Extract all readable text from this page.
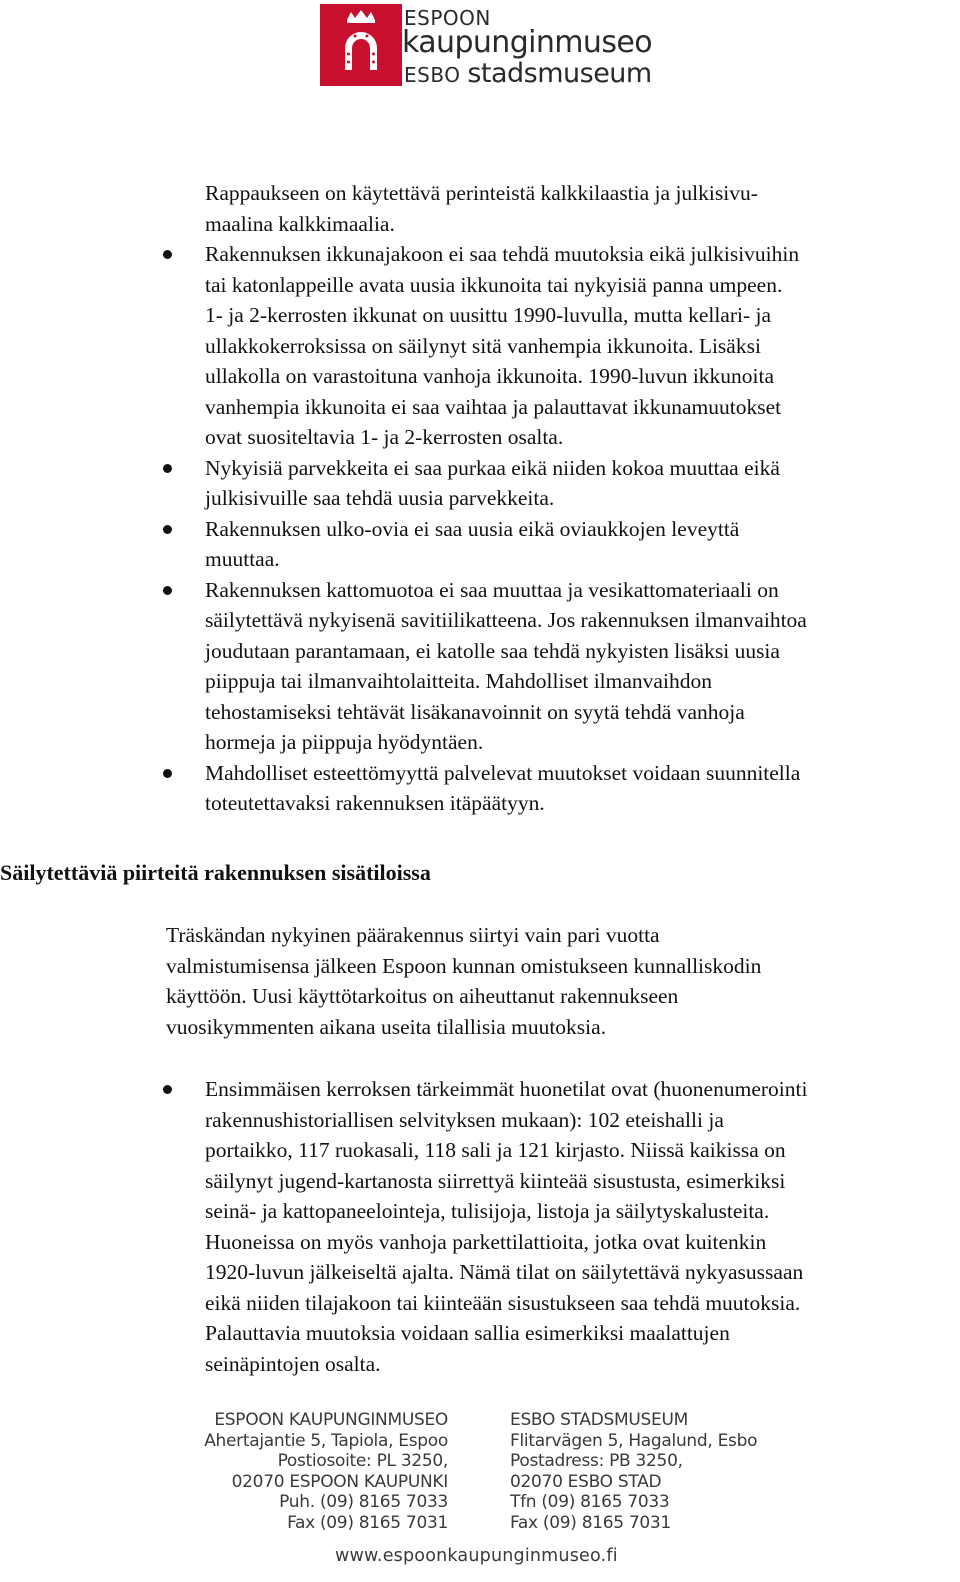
ESPOON
kaupunginmuseo
ESBO stadsmuseum
Rappaukseen on käytettävä perinteistä kalkkilaastia ja julkisivu-
maalina kalkkimaalia.
Rakennuksen ikkunajakoon ei saa tehdä muutoksia eikä julkisivuihin
tai katonlappeille avata uusia ikkunoita tai nykyisiä panna umpeen.
1- ja 2-kerrosten ikkunat on uusittu 1990-luvulla, mutta kellari- ja
ullakkokerroksissa on säilynyt sitä vanhempia ikkunoita. Lisäksi
ullakolla on varastoituna vanhoja ikkunoita. 1990-luvun ikkunoita
vanhempia ikkunoita ei saa vaihtaa ja palauttavat ikkunamuutokset
ovat suositeltavia 1- ja 2-kerrosten osalta.
Nykyisiä parvekkeita ei saa purkaa eikä niiden kokoa muuttaa eikä
julkisivuille saa tehdä uusia parvekkeita.
Rakennuksen ulko-ovia ei saa uusia eikä oviaukkojen leveyttä
muuttaa.
Rakennuksen kattomuotoa ei saa muuttaa ja vesikattomateriaali on
säilytettävä nykyisenä savitiilikatteena. Jos rakennuksen ilmanvaihtoa
joudutaan parantamaan, ei katolle saa tehdä nykyisten lisäksi uusia
piippuja tai ilmanvaihtolaitteita. Mahdolliset ilmanvaihdon
tehostamiseksi tehtävät lisäkanavoinnit on syytä tehdä vanhoja
hormeja ja piippuja hyödyntäen.
Mahdolliset esteettömyyttä palvelevat muutokset voidaan suunnitella
toteutettavaksi rakennuksen itäpäätyyn.
Säilytettäviä piirteitä rakennuksen sisätiloissa
Träskändan nykyinen päärakennus siirtyi vain pari vuotta
valmistumisensa jälkeen Espoon kunnan omistukseen kunnalliskodin
käyttöön. Uusi käyttötarkoitus on aiheuttanut rakennukseen
vuosikymmenten aikana useita tilallisia muutoksia.
Ensimmäisen kerroksen tärkeimmät huonetilat ovat (huonenumerointi
rakennushistoriallisen selvityksen mukaan): 102 eteishalli ja
portaikko, 117 ruokasali, 118 sali ja 121 kirjasto. Niissä kaikissa on
säilynyt jugend-kartanosta siirrettyä kiinteää sisustusta, esimerkiksi
seinä- ja kattopaneelointeja, tulisijoja, listoja ja säilytyskalusteita.
Huoneissa on myös vanhoja parkettilattioita, jotka ovat kuitenkin
1920-luvun jälkeiseltä ajalta. Nämä tilat on säilytettävä nykyasussaan
eikä niiden tilajakoon tai kiinteään sisustukseen saa tehdä muutoksia.
Palauttavia muutoksia voidaan sallia esimerkiksi maalattujen
seinäpintojen osalta.
ESPOON KAUPUNGINMUSEO
Ahertajantie 5, Tapiola, Espoo
Postiosoite: PL 3250,
02070 ESPOON KAUPUNKI
Puh. (09) 8165 7033
Fax (09) 8165 7031
ESBO STADSMUSEUM
Flitarvägen 5, Hagalund, Esbo
Postadress: PB 3250,
02070 ESBO STAD
Tfn (09) 8165 7033
Fax (09) 8165 7031
www.espoonkaupunginmuseo.fi
